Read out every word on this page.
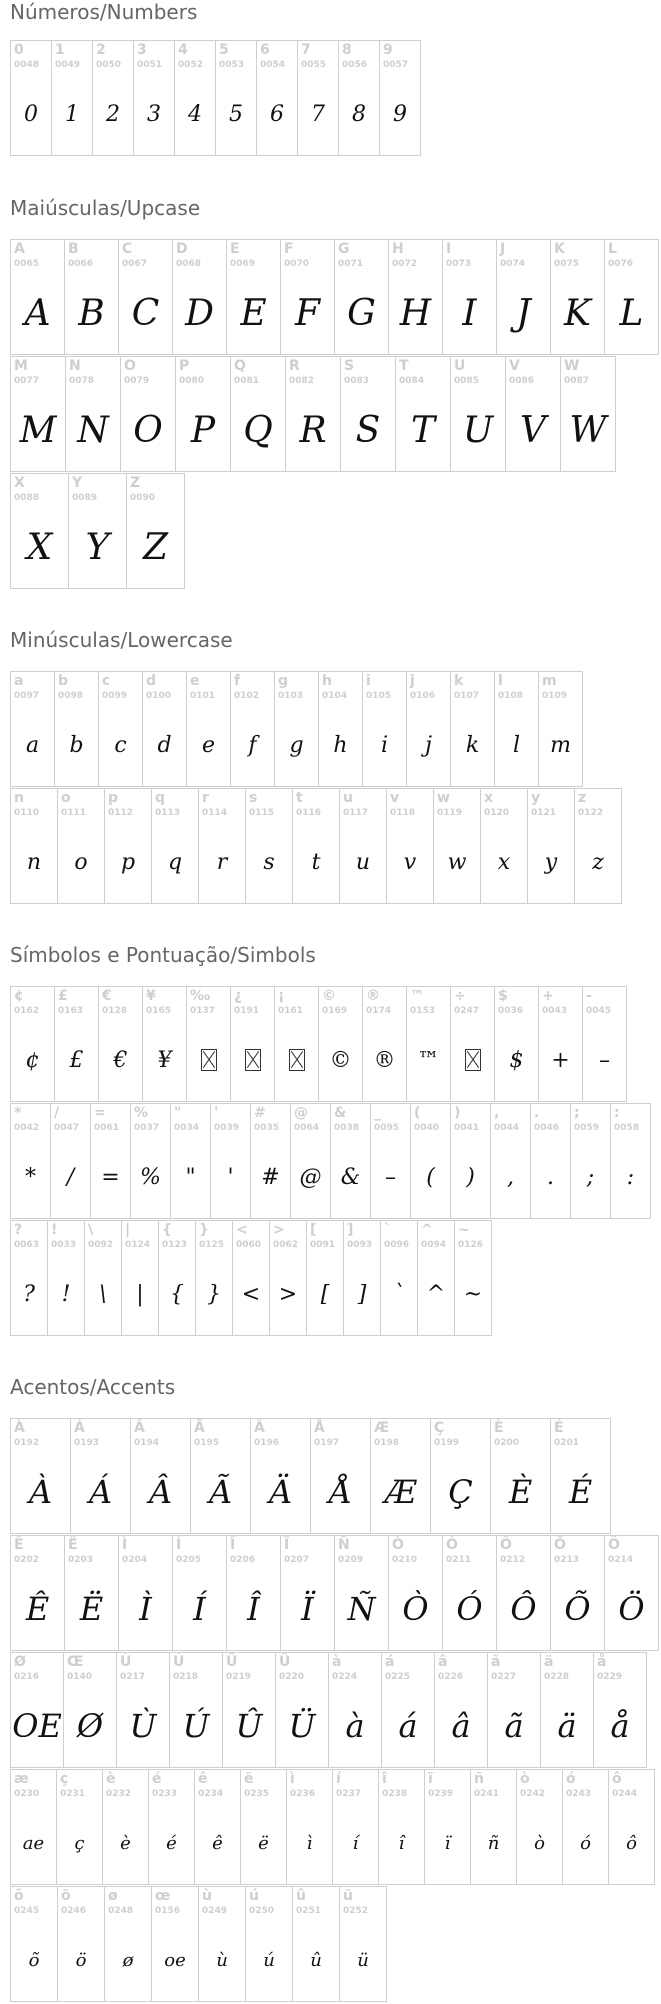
Números/Numbers
Maiúsculas/Upcase
Minúsculas/Lowercase
Símbolos e Pontuação/Simbols
Acentos/Accents
0
0048
0
1
0049
1
2
0050
2
3
0051
3
4
0052
4
5
0053
5
6
0054
6
7
0055
7
8
0056
8
9
0057
9
A
0065
A
B
0066
B
C
0067
C
D
0068
D
E
0069
E
F
0070
F
G
0071
G
H
0072
H
I
0073
I
J
0074
J
K
0075
K
L
0076
L
M
0077
M
N
0078
N
O
0079
O
P
0080
P
Q
0081
Q
R
0082
R
S
0083
S
T
0084
T
U
0085
U
V
0086
V
W
0087
W
X
0088
X
Y
0089
Y
Z
0090
Z
a
0097
a
b
0098
b
c
0099
c
d
0100
d
e
0101
e
f
0102
f
g
0103
g
h
0104
h
i
0105
i
j
0106
j
k
0107
k
l
0108
l
m
0109
m
n
0110
n
o
0111
o
p
0112
p
q
0113
q
r
0114
r
s
0115
s
t
0116
t
u
0117
u
v
0118
v
w
0119
w
x
0120
x
y
0121
y
z
0122
z
¢
0162
¢
£
0163
£
€
0128
€
¥
0165
¥
‰
0137
¿
0191
¡
0161
©
0169
©
®
0174
®
™
0153
™
÷
0247
$
0036
$
+
0043
+
-
0045
–
*
0042
*
/
0047
/
=
0061
=
%
0037
%
"
0034
"
'
0039
'
#
0035
#
@
0064
@
&
0038
&
_
0095
–
(
0040
(
)
0041
)
,
0044
,
.
0046
.
;
0059
;
:
0058
:
?
0063
?
!
0033
!
\
0092
\
|
0124
|
{
0123
{
}
0125
}
<
0060
<
>
0062
>
[
0091
[
]
0093
]
`
0096
`
^
0094
^
~
0126
~
À
0192
À
Á
0193
Á
Â
0194
Â
Ã
0195
Ã
Ä
0196
Ä
Å
0197
Å
Æ
0198
Æ
Ç
0199
Ç
È
0200
È
É
0201
É
Ê
0202
Ê
Ë
0203
Ë
Ì
0204
Ì
Í
0205
Í
Î
0206
Î
Ï
0207
Ï
Ñ
0209
Ñ
Ò
0210
Ò
Ó
0211
Ó
Ô
0212
Ô
Õ
0213
Õ
Ö
0214
Ö
Ø
0216
OE
Œ
0140
Ø
Ù
0217
Ù
Ú
0218
Ú
Û
0219
Û
Ü
0220
Ü
à
0224
à
á
0225
á
â
0226
â
ã
0227
ã
ä
0228
ä
å
0229
å
æ
0230
ae
ç
0231
ç
è
0232
è
é
0233
é
ê
0234
ê
ë
0235
ë
ì
0236
ì
í
0237
í
î
0238
î
ï
0239
ï
ñ
0241
ñ
ò
0242
ò
ó
0243
ó
ô
0244
ô
õ
0245
õ
ö
0246
ö
ø
0248
ø
œ
0156
oe
ù
0249
ù
ú
0250
ú
û
0251
û
ü
0252
ü
